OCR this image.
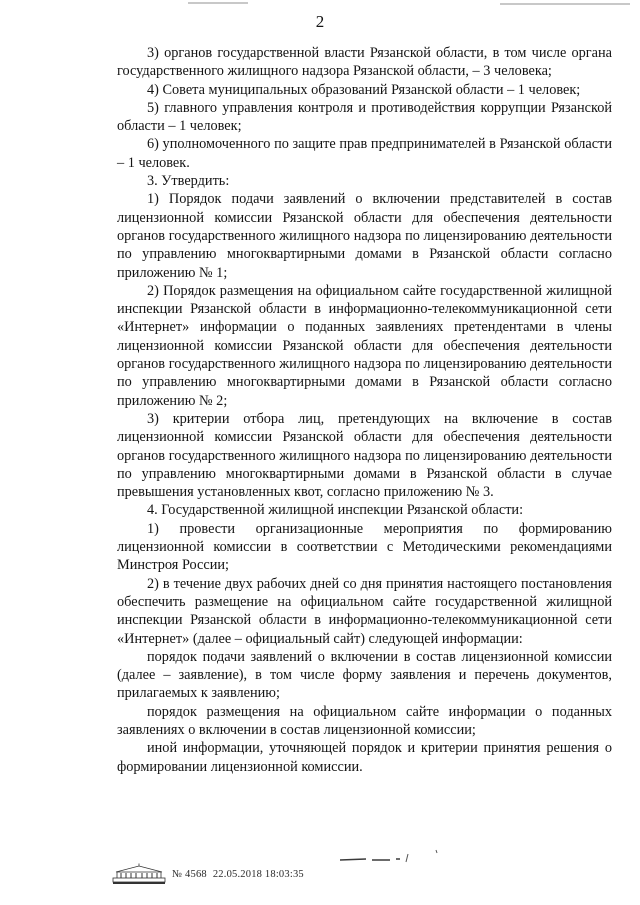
2

3) органов государственной власти Рязанской области, в том числе органа государственного жилищного надзора Рязанской области, – 3 человека;

4) Совета муниципальных образований Рязанской области – 1 человек;

5) главного управления контроля и противодействия коррупции Рязанской области – 1 человек;

6) уполномоченного по защите прав предпринимателей в Рязанской области – 1 человек.

3. Утвердить:

1) Порядок подачи заявлений о включении представителей в состав лицензионной комиссии Рязанской области для обеспечения деятельности органов государственного жилищного надзора по лицензированию деятельности по управлению многоквартирными домами в Рязанской области согласно приложению № 1;

2) Порядок размещения на официальном сайте государственной жилищной инспекции Рязанской области в информационно-телекоммуникационной сети «Интернет» информации о поданных заявлениях претендентами в члены лицензионной комиссии Рязанской области для обеспечения деятельности органов государственного жилищного надзора по лицензированию деятельности по управлению многоквартирными домами в Рязанской области согласно приложению № 2;

3) критерии отбора лиц, претендующих на включение в состав лицензионной комиссии Рязанской области для обеспечения деятельности органов государственного жилищного надзора по лицензированию деятельности по управлению многоквартирными домами в Рязанской области в случае превышения установленных квот, согласно приложению № 3.

4. Государственной жилищной инспекции Рязанской области:

1) провести организационные мероприятия по формированию лицензионной комиссии в соответствии с Методическими рекомендациями Минстроя России;

2) в течение двух рабочих дней со дня принятия настоящего постановления обеспечить размещение на официальном сайте государственной жилищной инспекции Рязанской области в информационно-телекоммуникационной сети «Интернет» (далее – официальный сайт) следующей информации:

порядок подачи заявлений о включении в состав лицензионной комиссии (далее – заявление), в том числе форму заявления и перечень документов, прилагаемых к заявлению;

порядок размещения на официальном сайте информации о поданных заявлениях о включении в состав лицензионной комиссии;

иной информации, уточняющей порядок и критерии принятия решения о формировании лицензионной комиссии.

№ 4568 22.05.2018 18:03:35
